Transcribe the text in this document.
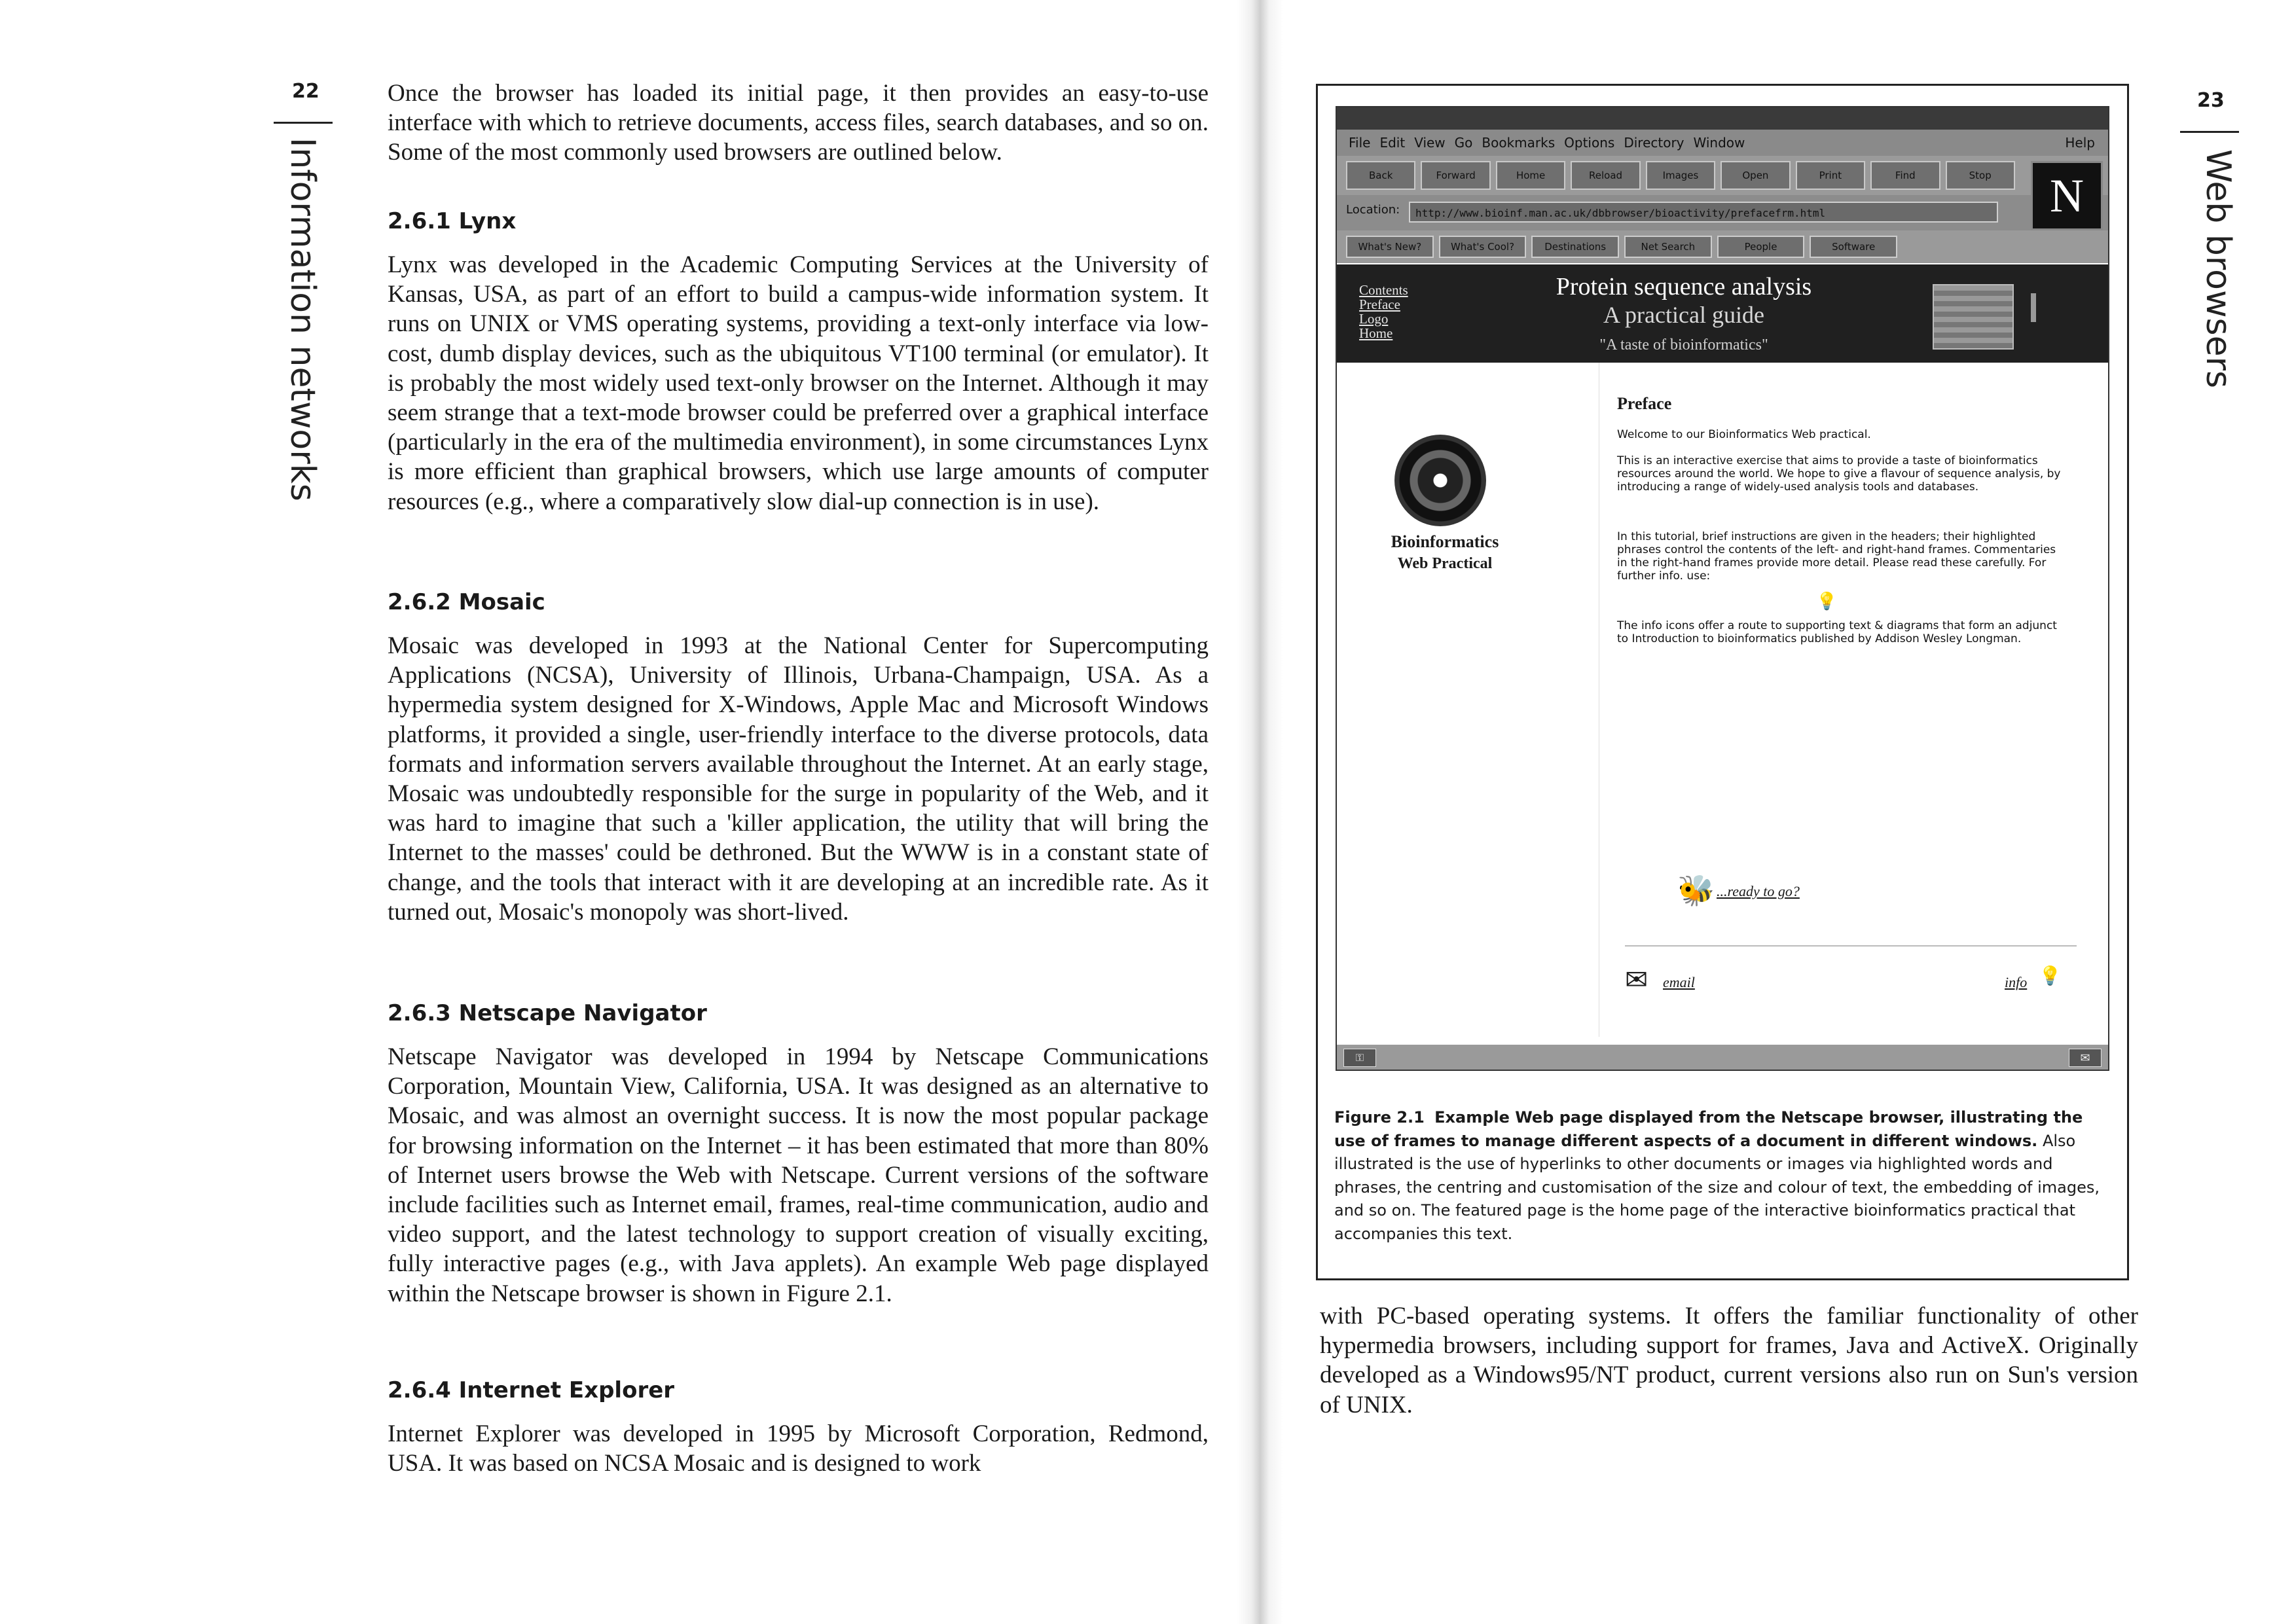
22
Information networks

Once the browser has loaded its initial page, it then provides an easy-to-use interface with which to retrieve documents, access files, search databases, and so on. Some of the most commonly used browsers are outlined below.

2.6.1 Lynx

Lynx was developed in the Academic Computing Services at the University of Kansas, USA, as part of an effort to build a campus-wide information system. It runs on UNIX or VMS operating systems, providing a text-only interface via low-cost, dumb display devices, such as the ubiquitous VT100 terminal (or emulator). It is probably the most widely used text-only browser on the Internet. Although it may seem strange that a text-mode browser could be preferred over a graphical interface (particularly in the era of the multimedia environment), in some circumstances Lynx is more efficient than graphical browsers, which use large amounts of computer resources (e.g., where a comparatively slow dial-up connection is in use).

2.6.2 Mosaic

Mosaic was developed in 1993 at the National Center for Supercomputing Applications (NCSA), University of Illinois, Urbana-Champaign, USA. As a hypermedia system designed for X-Windows, Apple Mac and Microsoft Windows platforms, it provided a single, user-friendly interface to the diverse protocols, data formats and information servers available throughout the Internet. At an early stage, Mosaic was undoubtedly responsible for the surge in popularity of the Web, and it was hard to imagine that such a 'killer application, the utility that will bring the Internet to the masses' could be dethroned. But the WWW is in a constant state of change, and the tools that interact with it are developing at an incredible rate. As it turned out, Mosaic's monopoly was short-lived.

2.6.3 Netscape Navigator

Netscape Navigator was developed in 1994 by Netscape Communications Corporation, Mountain View, California, USA. It was designed as an alternative to Mosaic, and was almost an overnight success. It is now the most popular package for browsing information on the Internet – it has been estimated that more than 80% of Internet users browse the Web with Netscape. Current versions of the software include facilities such as Internet email, frames, real-time communication, audio and video support, and the latest technology to support creation of visually exciting, fully interactive pages (e.g., with Java applets). An example Web page displayed within the Netscape browser is shown in Figure 2.1.

2.6.4 Internet Explorer

Internet Explorer was developed in 1995 by Microsoft Corporation, Redmond, USA. It was based on NCSA Mosaic and is designed to work

23
Web browsers
File Edit View Go Bookmarks Options Directory Window	Help
Back	Forward	Home	Reload	Images	Open	Print	Find	Stop
Location:	http://www.bioinf.man.ac.uk/dbbrowser/bioactivity/prefacefrm.html
What's New?	What's Cool?	Destinations	Net Search	People	Software
N
Contents
Preface
Logo
Home
Protein sequence analysis
A practical guide
"A taste of bioinformatics"
Bioinformatics
Web Practical
Preface
Welcome to our Bioinformatics Web practical.
This is an interactive exercise that aims to provide a taste of bioinformatics resources around the world. We hope to give a flavour of sequence analysis, by introducing a range of widely-used analysis tools and databases.
In this tutorial, brief instructions are given in the headers; their highlighted phrases control the contents of the left- and right-hand frames. Commentaries in the right-hand frames provide more detail. Please read these carefully. For further info. use:
💡
The info icons offer a route to supporting text & diagrams that form an adjunct to Introduction to bioinformatics published by Addison Wesley Longman.
🐝 ...ready to go?
✉ email	info 💡
⚿	✉
Figure 2.1 Example Web page displayed from the Netscape browser, illustrating the use of frames to manage different aspects of a document in different windows. Also illustrated is the use of hyperlinks to other documents or images via highlighted words and phrases, the centring and customisation of the size and colour of text, the embedding of images, and so on. The featured page is the home page of the interactive bioinformatics practical that accompanies this text.

with PC-based operating systems. It offers the familiar functionality of other hypermedia browsers, including support for frames, Java and ActiveX. Originally developed as a Windows95/NT product, current versions also run on Sun's version of UNIX.
